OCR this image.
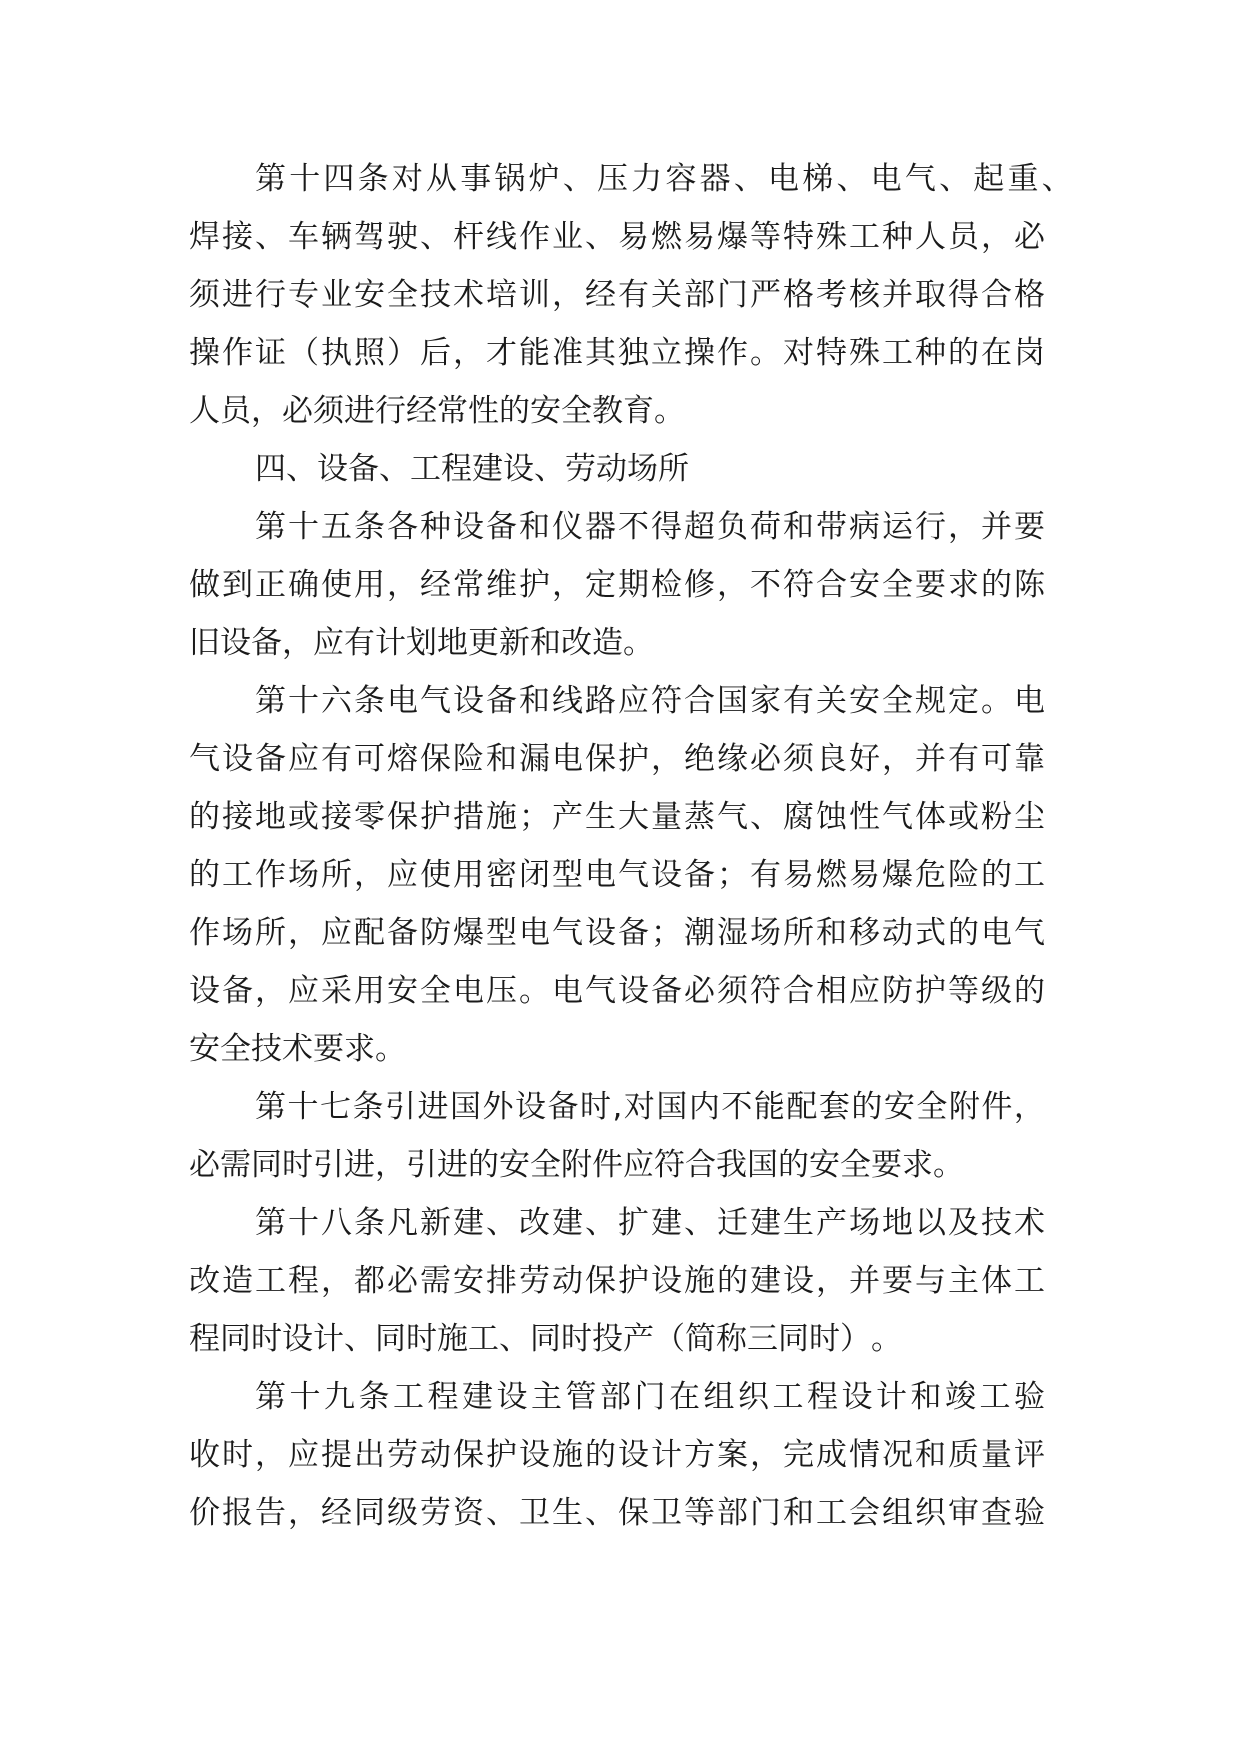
第 十 四 条 对 从 事 锅 炉 、 压 力 容 器 、 电 梯 、 电 气 、 起 重 、
焊 接 、 车 辆 驾 驶 、 杆 线 作 业 、 易 燃 易 爆 等 特 殊 工 种 人 员 ， 必
须 进 行 专 业 安 全 技 术 培 训 ， 经 有 关 部 门 严 格 考 核 并 取 得 合 格
操 作 证 （ 执 照 ） 后 ， 才 能 准 其 独 立 操 作 。 对 特 殊 工 种 的 在 岗
人 员 ， 必 须 进 行 经 常 性 的 安 全 教 育 。
四 、 设 备 、 工 程 建 设 、 劳 动 场 所
第 十 五 条 各 种 设 备 和 仪 器 不 得 超 负 荷 和 带 病 运 行 ， 并 要
做 到 正 确 使 用 ， 经 常 维 护 ， 定 期 检 修 ， 不 符 合 安 全 要 求 的 陈
旧 设 备 ， 应 有 计 划 地 更 新 和 改 造 。
第 十 六 条 电 气 设 备 和 线 路 应 符 合 国 家 有 关 安 全 规 定 。 电
气 设 备 应 有 可 熔 保 险 和 漏 电 保 护 ， 绝 缘 必 须 良 好 ， 并 有 可 靠
的 接 地 或 接 零 保 护 措 施 ； 产 生 大 量 蒸 气 、 腐 蚀 性 气 体 或 粉 尘
的 工 作 场 所 ， 应 使 用 密 闭 型 电 气 设 备 ； 有 易 燃 易 爆 危 险 的 工
作 场 所 ， 应 配 备 防 爆 型 电 气 设 备 ； 潮 湿 场 所 和 移 动 式 的 电 气
设 备 ， 应 采 用 安 全 电 压 。 电 气 设 备 必 须 符 合 相 应 防 护 等 级 的
安 全 技 术 要 求 。
第 十 七 条 引 进 国 外 设 备 时 , 对 国 内 不 能 配 套 的 安 全 附 件 ，
必 需 同 时 引 进 ， 引 进 的 安 全 附 件 应 符 合 我 国 的 安 全 要 求 。
第 十 八 条 凡 新 建 、 改 建 、 扩 建 、 迁 建 生 产 场 地 以 及 技 术
改 造 工 程 ， 都 必 需 安 排 劳 动 保 护 设 施 的 建 设 ， 并 要 与 主 体 工
程 同 时 设 计 、 同 时 施 工 、 同 时 投 产 （ 简 称 三 同 时 ） 。
第 十 九 条 工 程 建 设 主 管 部 门 在 组 织 工 程 设 计 和 竣 工 验
收 时 ， 应 提 出 劳 动 保 护 设 施 的 设 计 方 案 ， 完 成 情 况 和 质 量 评
价 报 告 ， 经 同 级 劳 资 、 卫 生 、 保 卫 等 部 门 和 工 会 组 织 审 查 验
